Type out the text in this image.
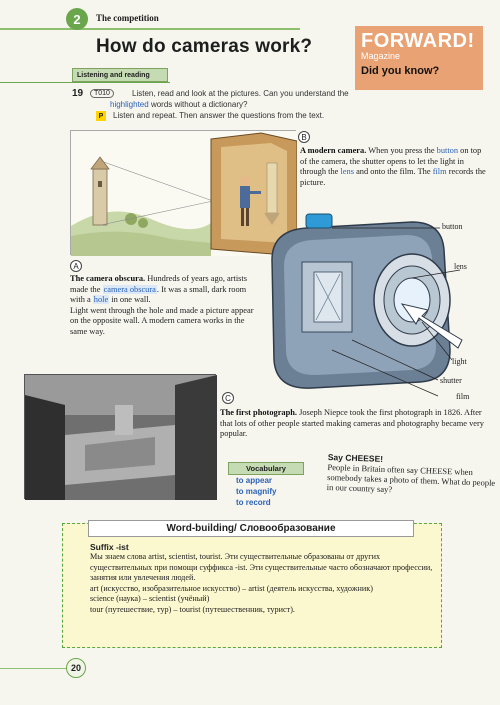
2	The competition
How do cameras work? FORWARD!
Magazine
Did you know?
Listening and reading
19	T010	Listen, read and look at the pictures. Can you understand the highlighted words without a dictionary?
P	Listen and repeat. Then answer the questions from the text.
A
The camera obscura. Hundreds of years ago, artists made the camera obscura. It was a small, dark room with a hole in one wall.
Light went through the hole and made a picture appear on the opposite wall. A modern camera works in the same way.
B
A modern camera. When you press the button on top of the camera, the shutter opens to let the light in through the lens and onto the film. The film records the picture.
button
lens
light
shutter
film
C
The first photograph. Joseph Niepce took the first photograph in 1826. After that lots of other people started making cameras and photography became very popular.
Vocabulary
to appear
to magnify
to record
Say CHEESE!
People in Britain often say CHEESE when somebody takes a photo of them. What do people in our country say?
Word-building/ Словообразование
Suffix -ist
Мы знаем слова artist, scientist, tourist. Эти существительные образованы от других существительных при помощи суффикса -ist. Эти существительные часто обозначают профессии, занятия или увлечения людей.
art (искусство, изобразительное искусство) – artist (деятель искусства, художник)
science (наука) – scientist (учёный)
tour (путешествие, тур) – tourist (путешественник, турист).
20
